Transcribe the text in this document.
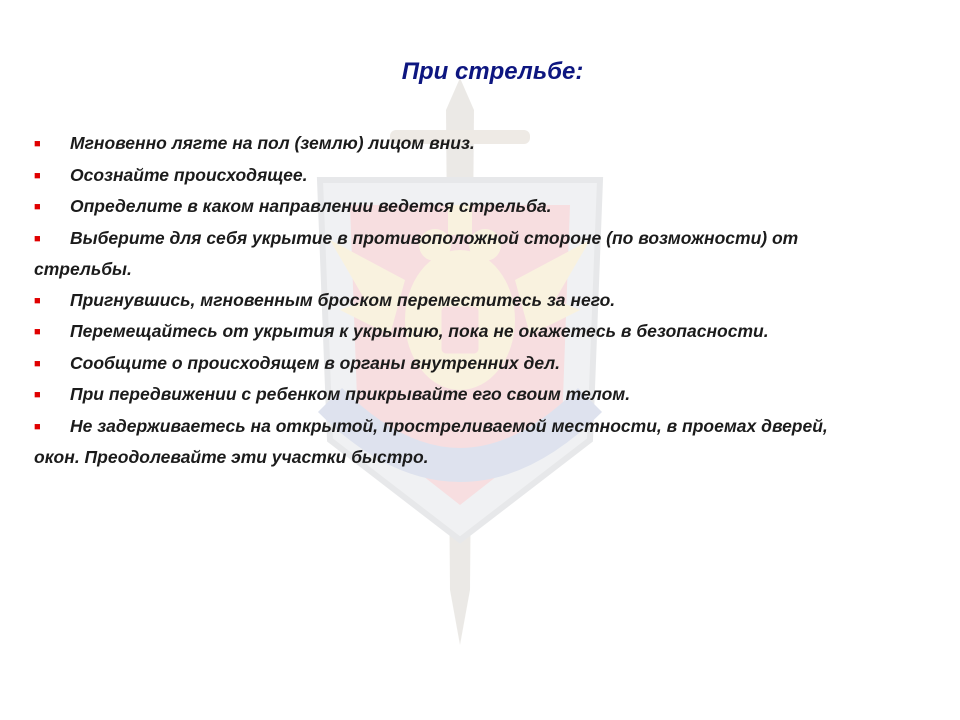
При стрельбе:
■ Мгновенно лягте на пол (землю) лицом вниз.
■ Осознайте происходящее.
■ Определите в каком направлении ведется стрельба.
■ Выберите для себя укрытие в противоположной стороне (по возможности) от стрельбы.
■ Пригнувшись, мгновенным броском переместитесь за него.
■ Перемещайтесь от укрытия к укрытию, пока не окажетесь в безопасности.
■ Сообщите о происходящем в органы внутренних дел.
■ При передвижении с ребенком прикрывайте его своим телом.
■ Не задерживаетесь на открытой, простреливаемой местности, в проемах дверей, окон. Преодолевайте эти участки быстро.
